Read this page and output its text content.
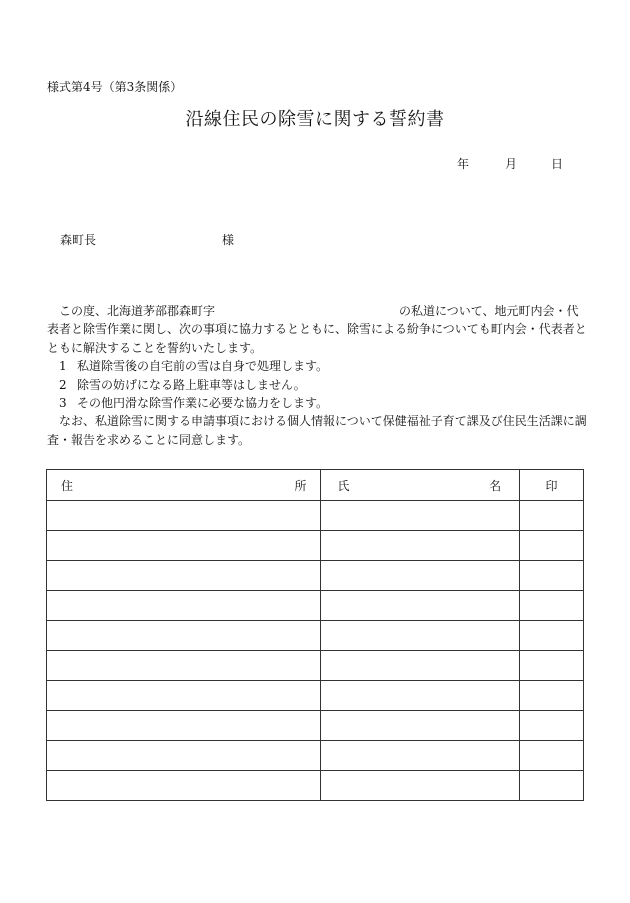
様式第4号（第3条関係）
沿線住民の除雪に関する誓約書
年	月	日
森町長	様
この度、北海道茅部郡森町字	の私道について、地元町内会・代
表者と除雪作業に関し、次の事項に協力するとともに、除雪による紛争についても町内会・代表者と
ともに解決することを誓約いたします。
1 私道除雪後の自宅前の雪は自身で処理します。
2 除雪の妨げになる路上駐車等はしません。
3 その他円滑な除雪作業に必要な協力をします。
なお、私道除雪に関する申請事項における個人情報について保健福祉子育て課及び住民生活課に調
査・報告を求めることに同意します。
住 所	氏 名	印
